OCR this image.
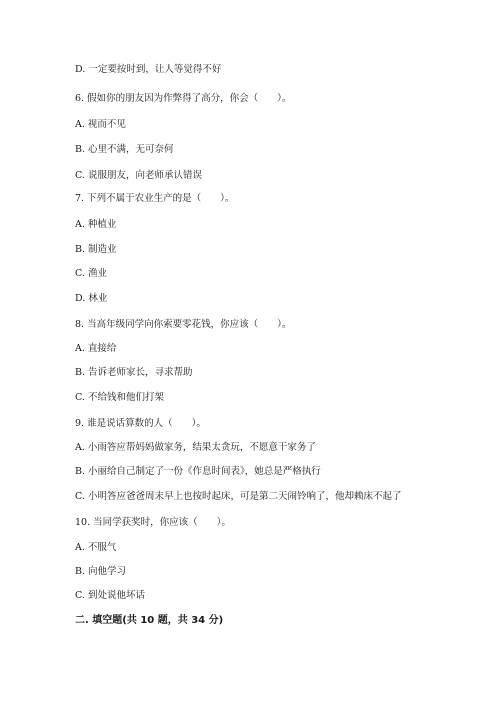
D. 一定要按时到，让人等觉得不好
6. 假如你的朋友因为作弊得了高分，你会（　　）。
A. 视而不见
B. 心里不满，无可奈何
C. 说服朋友，向老师承认错误
7. 下列不属于农业生产的是（　　）。
A. 种植业
B. 制造业
C. 渔业
D. 林业
8. 当高年级同学向你索要零花钱，你应该（　　）。
A. 直接给
B. 告诉老师家长，寻求帮助
C. 不给钱和他们打架
9. 谁是说话算数的人（　　）。
A. 小雨答应帮妈妈做家务，结果太贪玩，不愿意干家务了
B. 小丽给自己制定了一份《作息时间表》，她总是严格执行
C. 小明答应爸爸周末早上也按时起床，可是第二天闹铃响了，他却赖床不起了
10. 当同学获奖时，你应该（　　）。
A. 不服气
B. 向他学习
C. 到处说他坏话
二. 填空题(共 10 题，共 34 分)
